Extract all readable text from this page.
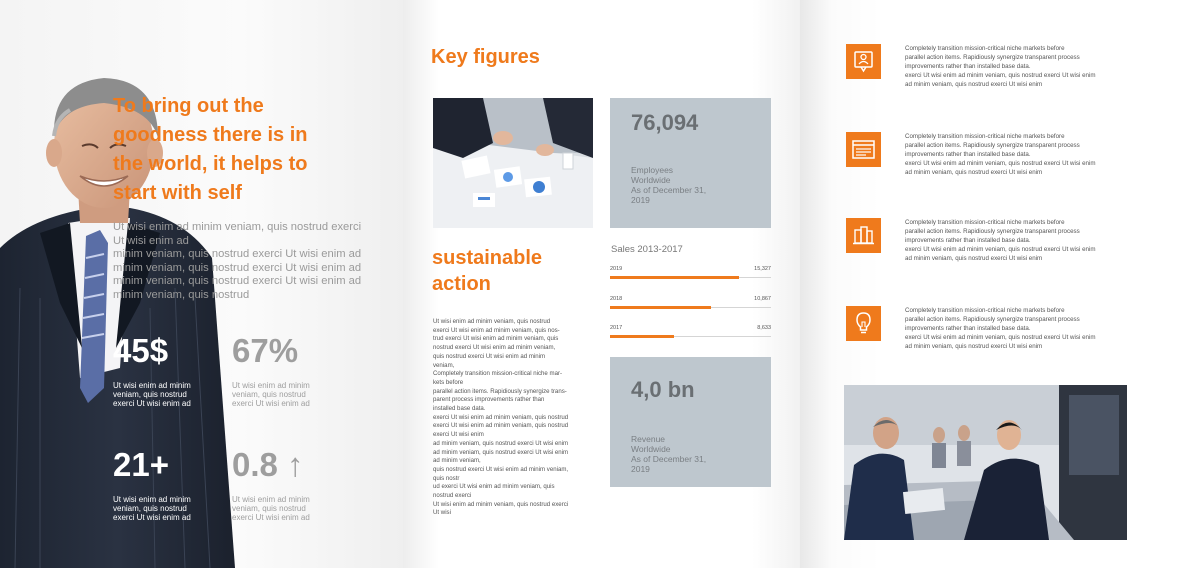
To bring out the
goodness there is in
the world, it helps to
start with self
Ut wisi enim ad minim veniam, quis nostrud exerci
Ut wisi enim ad
minim veniam, quis nostrud exerci Ut wisi enim ad
minim veniam, quis nostrud exerci Ut wisi enim ad
minim veniam, quis nostrud exerci Ut wisi enim ad
minim veniam, quis nostrud
45$
Ut wisi enim ad minim
veniam, quis nostrud
exerci Ut wisi enim ad
67%
Ut wisi enim ad minim
veniam, quis nostrud
exerci Ut wisi enim ad
21+
Ut wisi enim ad minim
veniam, quis nostrud
exerci Ut wisi enim ad
0.8 ↑
Ut wisi enim ad minim
veniam, quis nostrud
exerci Ut wisi enim ad
Key figures
76,094
Employees
Worldwide
As of December 31,
2019
sustainable
action
Ut wisi enim ad minim veniam, quis nostrud
exerci Ut wisi enim ad minim veniam, quis nos-
trud exerci Ut wisi enim ad minim veniam, quis
nostrud exerci Ut wisi enim ad minim veniam,
quis nostrud exerci Ut wisi enim ad minim
veniam,
Completely transition mission-critical niche mar-
kets before
parallel action items. Rapidiously synergize trans-
parent process improvements rather than
installed base data.
exerci Ut wisi enim ad minim veniam, quis nostrud
exerci Ut wisi enim ad minim veniam, quis nostrud
exerci Ut wisi enim
ad minim veniam, quis nostrud exerci Ut wisi enim
ad minim veniam, quis nostrud exerci Ut wisi enim
ad minim veniam,
quis nostrud exerci Ut wisi enim ad minim veniam,
quis nostr
ud exerci Ut wisi enim ad minim veniam, quis
nostrud exerci
Ut wisi enim ad minim veniam, quis nostrud exerci
Ut wisi
Sales 2013-2017
2019	15,327
2018	10,867
2017	8,633
4,0 bn
Revenue
Worldwide
As of December 31,
2019
Completely transition mission-critical niche markets before
parallel action items. Rapidiously synergize transparent process
improvements rather than installed base data.
exerci Ut wisi enim ad minim veniam, quis nostrud exerci Ut wisi enim
ad minim veniam, quis nostrud exerci Ut wisi enim
Completely transition mission-critical niche markets before
parallel action items. Rapidiously synergize transparent process
improvements rather than installed base data.
exerci Ut wisi enim ad minim veniam, quis nostrud exerci Ut wisi enim
ad minim veniam, quis nostrud exerci Ut wisi enim
Completely transition mission-critical niche markets before
parallel action items. Rapidiously synergize transparent process
improvements rather than installed base data.
exerci Ut wisi enim ad minim veniam, quis nostrud exerci Ut wisi enim
ad minim veniam, quis nostrud exerci Ut wisi enim
Completely transition mission-critical niche markets before
parallel action items. Rapidiously synergize transparent process
improvements rather than installed base data.
exerci Ut wisi enim ad minim veniam, quis nostrud exerci Ut wisi enim
ad minim veniam, quis nostrud exerci Ut wisi enim
